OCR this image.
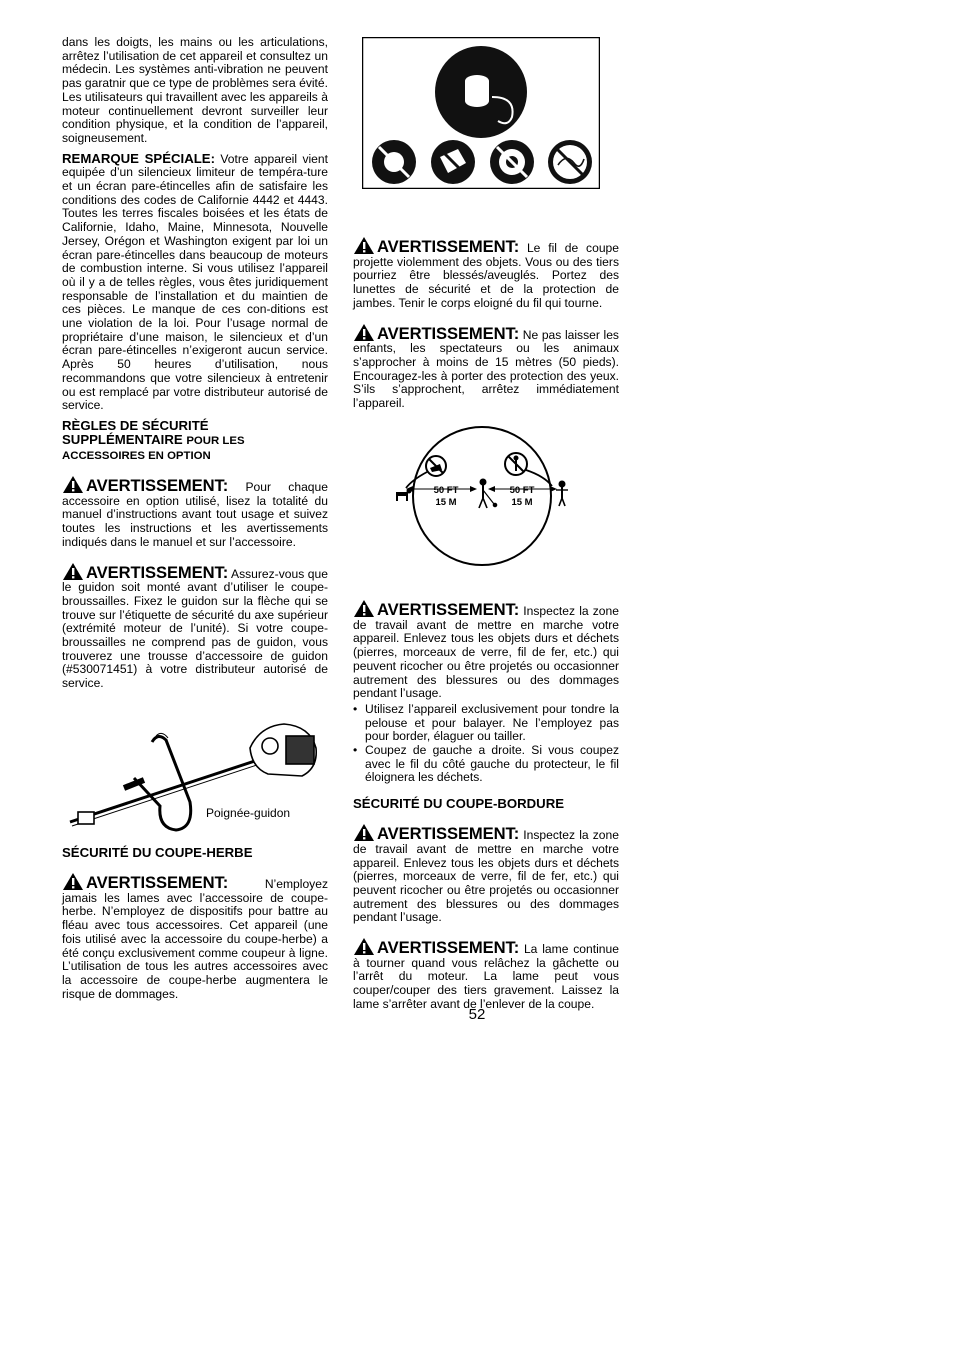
dans les doigts, les mains ou les articulations, arrêtez l’utilisation de cet appareil et consultez un médecin. Les systèmes anti-vibration ne peuvent pas garatnir que ce type de problèmes sera évité. Les utilisateurs qui travaillent avec les appareils à moteur continuellement devront surveiller leur condition physique, et la condition de l’appareil, soigneusement.

REMARQUE SPÉCIALE: Votre appareil vient equipée d’un silencieux limiteur de tempéra-ture et un écran pare-étincelles afin de satisfaire les conditions des codes de Californie 4442 et 4443. Toutes les terres fiscales boisées et les états de Californie, Idaho, Maine, Minnesota, Nouvelle Jersey, Orégon et Washington exigent par loi un écran pare-étincelles dans beaucoup de moteurs de combustion interne. Si vous utilisez l’appareil où il y a de telles règles, vous êtes juridiquement responsable de l’installation et du maintien de ces pièces. Le manque de ces con-ditions est une violation de la loi. Pour l’usage normal de propriétaire d’une maison, le silencieux et d’un écran pare-étincelles n’exigeront aucun service. Après 50 heures d’utilisation, nous recommandons que votre silencieux à entretenir ou est remplacé par votre distributeur autorisé de service.

RÈGLES DE SÉCURITÉ SUPPLÉMENTAIRE POUR LES ACCESSOIRES EN OPTION

AVERTISSEMENT: Pour chaque accessoire en option utilisé, lisez la totalité du manuel d’instructions avant tout usage et suivez toutes les instructions et les avertissements indiqués dans le manuel et sur l’accessoire.

AVERTISSEMENT: Assurez-vous que le guidon soit monté avant d’utiliser le coupe-broussailles. Fixez le guidon sur la flèche qui se trouve sur l’étiquette de sécurité du axe supérieur (extrémité moteur de l’unité). Si votre coupe-broussailles ne comprend pas de guidon, vous trouverez une trousse d’accessoire de guidon (#530071451) à votre distributeur autorisé de service.

Poignée-guidon
SÉCURITÉ DU COUPE-HERBE

AVERTISSEMENT:	N’employez jamais les lames avec l’accessoire de coupe-herbe. N’employez de dispositifs pour battre au fléau avec tous accessoires. Cet appareil (une fois utilisé avec la accessoire du coupe-herbe) a été conçu exclusivement comme coupeur à ligne. L’utilisation de tous les autres accessoires avec la accessoire de coupe-herbe augmentera le risque de dommages.

AVERTISSEMENT: Le fil de coupe projette violemment des objets. Vous ou des tiers pourriez être blessés/aveuglés. Portez des lunettes de sécurité et de la protection de jambes. Tenir le corps eloigné du fil qui tourne.

AVERTISSEMENT: Ne pas laisser les enfants, les spectateurs ou les animaux s’approcher à moins de 15 mètres (50 pieds). Encouragez-les à porter des protection des yeux. S’ils s’approchent, arrêtez immédiatement l’appareil.

50 FT
15 M
50 FT
15 M

AVERTISSEMENT: Inspectez la zone de travail avant de mettre en marche votre appareil. Enlevez tous les objets durs et déchets (pierres, morceaux de verre, fil de fer, etc.) qui peuvent ricocher ou être projetés ou occasionner autrement des blessures ou des dommages pendant l’usage.

• Utilisez l’appareil exclusivement pour tondre la pelouse et pour balayer. Ne l’employez pas pour border, élaguer ou tailler.
• Coupez de gauche a droite. Si vous coupez avec le fil du côté gauche du protecteur, le fil éloignera les déchets.
SÉCURITÉ DU COUPE-BORDURE

AVERTISSEMENT: Inspectez la zone de travail avant de mettre en marche votre appareil. Enlevez tous les objets durs et déchets (pierres, morceaux de verre, fil de fer, etc.) qui peuvent ricocher ou être projetés ou occasionner autrement des blessures ou des dommages pendant l’usage.

AVERTISSEMENT: La lame continue à tourner quand vous relâchez la gâchette ou l’arrêt du moteur. La lame peut vous couper/couper des tiers gravement. Laissez la lame s’arrêter avant de l’enlever de la coupe.

52
